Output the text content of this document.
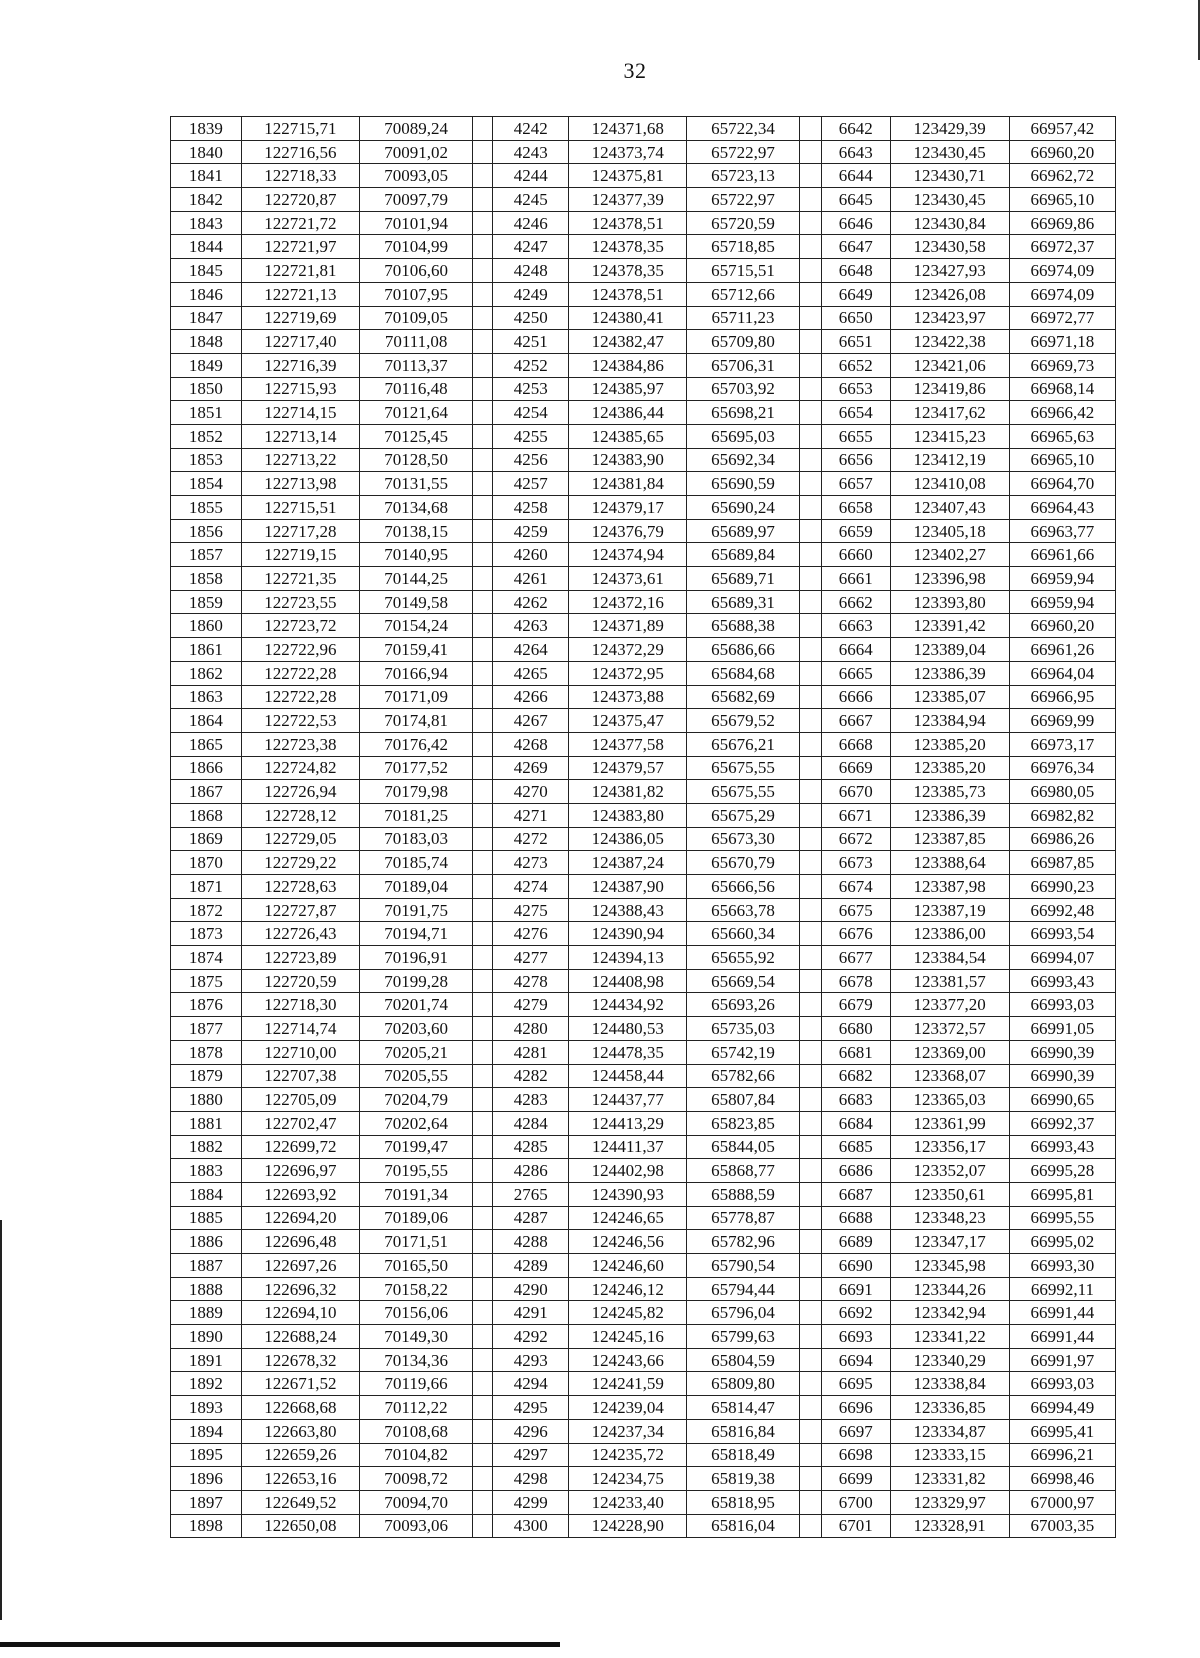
32
1839	122715,71	70089,24		4242	124371,68	65722,34		6642	123429,39	66957,42
1840	122716,56	70091,02		4243	124373,74	65722,97		6643	123430,45	66960,20
1841	122718,33	70093,05		4244	124375,81	65723,13		6644	123430,71	66962,72
1842	122720,87	70097,79		4245	124377,39	65722,97		6645	123430,45	66965,10
1843	122721,72	70101,94		4246	124378,51	65720,59		6646	123430,84	66969,86
1844	122721,97	70104,99		4247	124378,35	65718,85		6647	123430,58	66972,37
1845	122721,81	70106,60		4248	124378,35	65715,51		6648	123427,93	66974,09
1846	122721,13	70107,95		4249	124378,51	65712,66		6649	123426,08	66974,09
1847	122719,69	70109,05		4250	124380,41	65711,23		6650	123423,97	66972,77
1848	122717,40	70111,08		4251	124382,47	65709,80		6651	123422,38	66971,18
1849	122716,39	70113,37		4252	124384,86	65706,31		6652	123421,06	66969,73
1850	122715,93	70116,48		4253	124385,97	65703,92		6653	123419,86	66968,14
1851	122714,15	70121,64		4254	124386,44	65698,21		6654	123417,62	66966,42
1852	122713,14	70125,45		4255	124385,65	65695,03		6655	123415,23	66965,63
1853	122713,22	70128,50		4256	124383,90	65692,34		6656	123412,19	66965,10
1854	122713,98	70131,55		4257	124381,84	65690,59		6657	123410,08	66964,70
1855	122715,51	70134,68		4258	124379,17	65690,24		6658	123407,43	66964,43
1856	122717,28	70138,15		4259	124376,79	65689,97		6659	123405,18	66963,77
1857	122719,15	70140,95		4260	124374,94	65689,84		6660	123402,27	66961,66
1858	122721,35	70144,25		4261	124373,61	65689,71		6661	123396,98	66959,94
1859	122723,55	70149,58		4262	124372,16	65689,31		6662	123393,80	66959,94
1860	122723,72	70154,24		4263	124371,89	65688,38		6663	123391,42	66960,20
1861	122722,96	70159,41		4264	124372,29	65686,66		6664	123389,04	66961,26
1862	122722,28	70166,94		4265	124372,95	65684,68		6665	123386,39	66964,04
1863	122722,28	70171,09		4266	124373,88	65682,69		6666	123385,07	66966,95
1864	122722,53	70174,81		4267	124375,47	65679,52		6667	123384,94	66969,99
1865	122723,38	70176,42		4268	124377,58	65676,21		6668	123385,20	66973,17
1866	122724,82	70177,52		4269	124379,57	65675,55		6669	123385,20	66976,34
1867	122726,94	70179,98		4270	124381,82	65675,55		6670	123385,73	66980,05
1868	122728,12	70181,25		4271	124383,80	65675,29		6671	123386,39	66982,82
1869	122729,05	70183,03		4272	124386,05	65673,30		6672	123387,85	66986,26
1870	122729,22	70185,74		4273	124387,24	65670,79		6673	123388,64	66987,85
1871	122728,63	70189,04		4274	124387,90	65666,56		6674	123387,98	66990,23
1872	122727,87	70191,75		4275	124388,43	65663,78		6675	123387,19	66992,48
1873	122726,43	70194,71		4276	124390,94	65660,34		6676	123386,00	66993,54
1874	122723,89	70196,91		4277	124394,13	65655,92		6677	123384,54	66994,07
1875	122720,59	70199,28		4278	124408,98	65669,54		6678	123381,57	66993,43
1876	122718,30	70201,74		4279	124434,92	65693,26		6679	123377,20	66993,03
1877	122714,74	70203,60		4280	124480,53	65735,03		6680	123372,57	66991,05
1878	122710,00	70205,21		4281	124478,35	65742,19		6681	123369,00	66990,39
1879	122707,38	70205,55		4282	124458,44	65782,66		6682	123368,07	66990,39
1880	122705,09	70204,79		4283	124437,77	65807,84		6683	123365,03	66990,65
1881	122702,47	70202,64		4284	124413,29	65823,85		6684	123361,99	66992,37
1882	122699,72	70199,47		4285	124411,37	65844,05		6685	123356,17	66993,43
1883	122696,97	70195,55		4286	124402,98	65868,77		6686	123352,07	66995,28
1884	122693,92	70191,34		2765	124390,93	65888,59		6687	123350,61	66995,81
1885	122694,20	70189,06		4287	124246,65	65778,87		6688	123348,23	66995,55
1886	122696,48	70171,51		4288	124246,56	65782,96		6689	123347,17	66995,02
1887	122697,26	70165,50		4289	124246,60	65790,54		6690	123345,98	66993,30
1888	122696,32	70158,22		4290	124246,12	65794,44		6691	123344,26	66992,11
1889	122694,10	70156,06		4291	124245,82	65796,04		6692	123342,94	66991,44
1890	122688,24	70149,30		4292	124245,16	65799,63		6693	123341,22	66991,44
1891	122678,32	70134,36		4293	124243,66	65804,59		6694	123340,29	66991,97
1892	122671,52	70119,66		4294	124241,59	65809,80		6695	123338,84	66993,03
1893	122668,68	70112,22		4295	124239,04	65814,47		6696	123336,85	66994,49
1894	122663,80	70108,68		4296	124237,34	65816,84		6697	123334,87	66995,41
1895	122659,26	70104,82		4297	124235,72	65818,49		6698	123333,15	66996,21
1896	122653,16	70098,72		4298	124234,75	65819,38		6699	123331,82	66998,46
1897	122649,52	70094,70		4299	124233,40	65818,95		6700	123329,97	67000,97
1898	122650,08	70093,06		4300	124228,90	65816,04		6701	123328,91	67003,35
